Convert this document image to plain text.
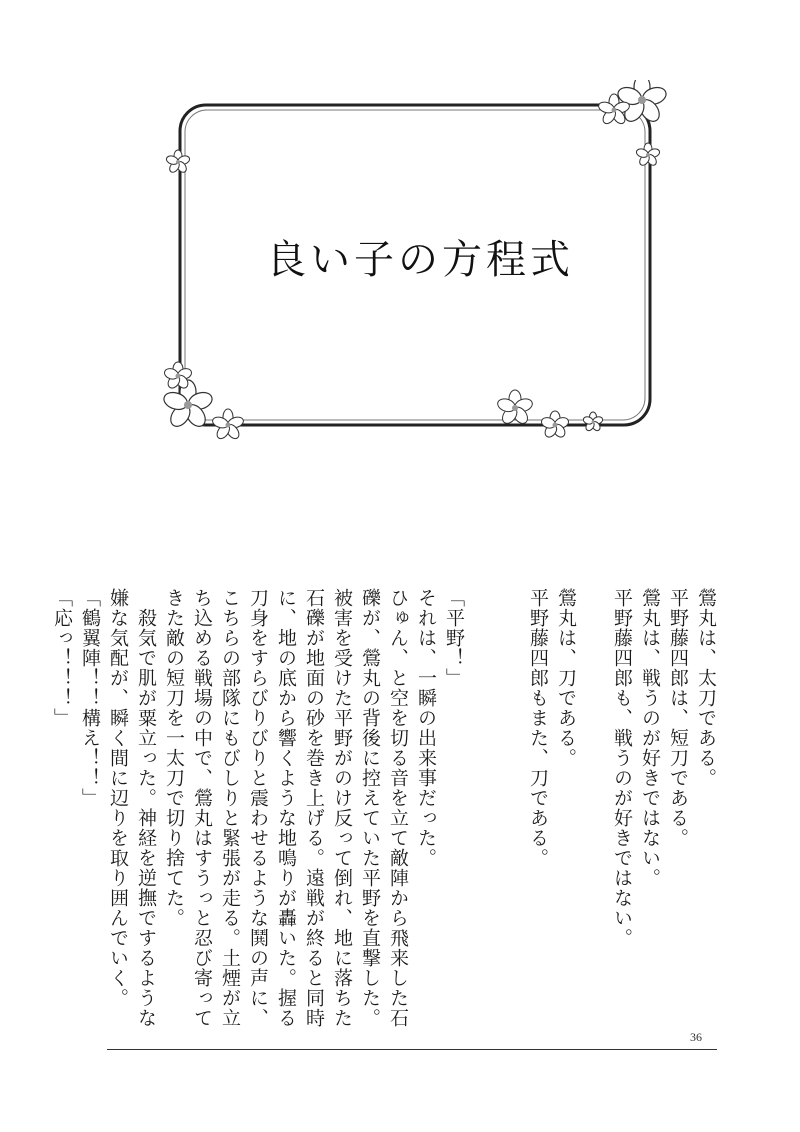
良い子の方程式

鶯丸は、太刀である。

平野藤四郎は、短刀である。

鶯丸は、戦うのが好きではない。

平野藤四郎も、戦うのが好きではない。

鶯丸は、刀である。

平野藤四郎もまた、刀である。

「平野！」

それは、一瞬の出来事だった。

ひゅん、と空を切る音を立て敵陣から飛来した石礫が、鶯丸の背後に控えていた平野を直撃した。被害を受けた平野がのけ反って倒れ、地に落ちた石礫が地面の砂を巻き上げる。遠戦が終ると同時に、地の底から響くような地鳴りが轟いた。握る刀身をすらびりびりと震わせるような鬨の声に、こちらの部隊にもびしりと緊張が走る。土煙が立ち込める戦場の中で、鶯丸はすうっと忍び寄ってきた敵の短刀を一太刀で切り捨てた。

　殺気で肌が粟立った。神経を逆撫でするような嫌な気配が、瞬く間に辺りを取り囲んでいく。

「鶴翼陣！！構え！！」

「応っ！！！」

36
